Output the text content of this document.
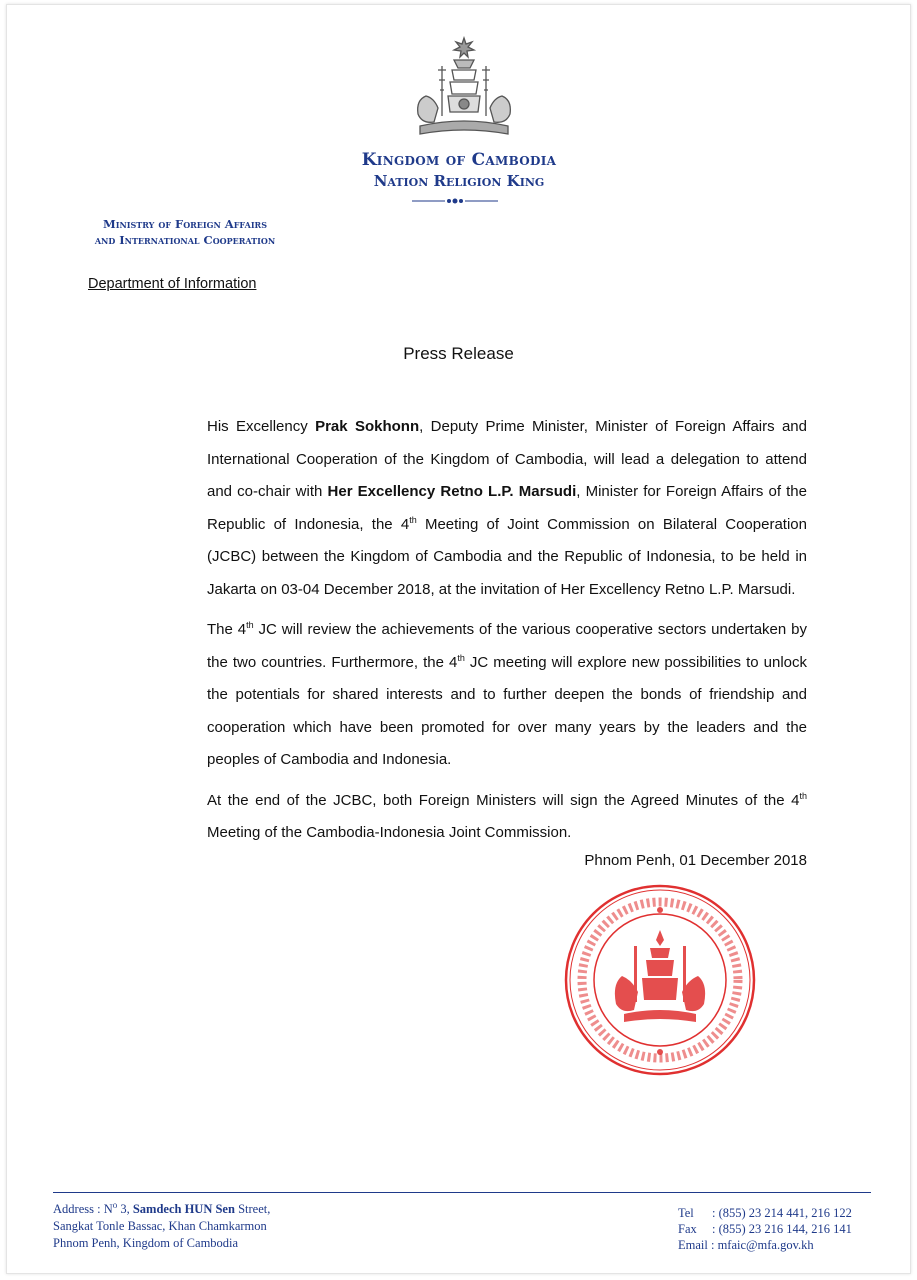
Kingdom of Cambodia
Nation Religion King
Ministry of Foreign Affairs
and International Cooperation
Department of Information
Press Release

His Excellency Prak Sokhonn, Deputy Prime Minister, Minister of Foreign Affairs and International Cooperation of the Kingdom of Cambodia, will lead a delegation to attend and co-chair with Her Excellency Retno L.P. Marsudi, Minister for Foreign Affairs of the Republic of Indonesia, the 4th Meeting of Joint Commission on Bilateral Cooperation (JCBC) between the Kingdom of Cambodia and the Republic of Indonesia, to be held in Jakarta on 03-04 December 2018, at the invitation of Her Excellency Retno L.P. Marsudi.

The 4th JC will review the achievements of the various cooperative sectors undertaken by the two countries. Furthermore, the 4th JC meeting will explore new possibilities to unlock the potentials for shared interests and to further deepen the bonds of friendship and cooperation which have been promoted for over many years by the leaders and the peoples of Cambodia and Indonesia.

At the end of the JCBC, both Foreign Ministers will sign the Agreed Minutes of the 4th Meeting of the Cambodia-Indonesia Joint Commission.

Phnom Penh, 01 December 2018
Address : $N^o$ 3, Samdech HUN Sen Street,
Sangkat Tonle Bassac, Khan Chamkarmon
Phnom Penh, Kingdom of Cambodia
Tel : (855) 23 214 441, 216 122
Fax : (855) 23 216 144, 216 141
Email : mfaic@mfa.gov.kh
